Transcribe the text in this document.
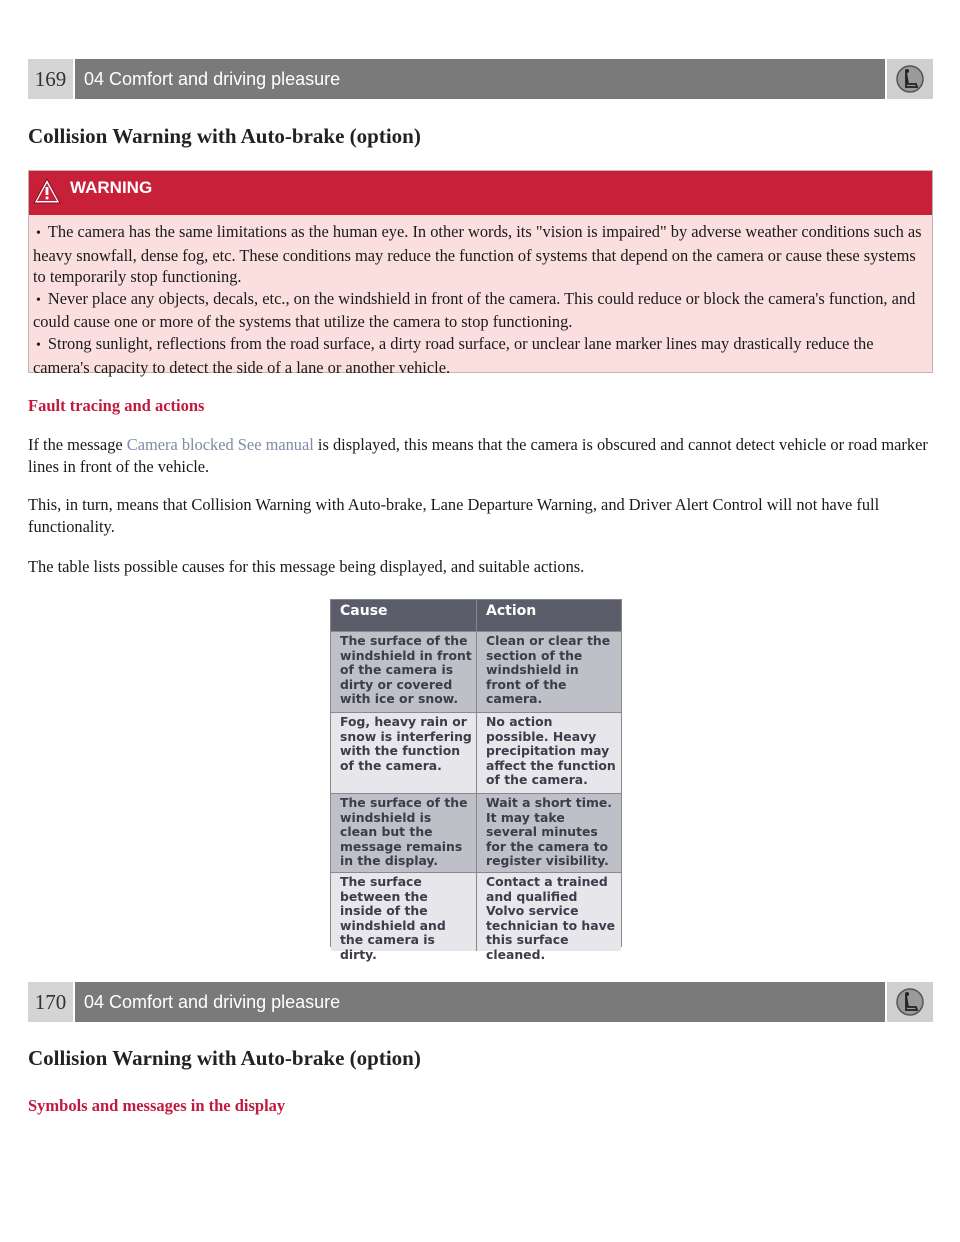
169 04 Comfort and driving pleasure
Collision Warning with Auto-brake (option)
WARNING
• The camera has the same limitations as the human eye. In other words, its "vision is impaired" by adverse weather conditions such as heavy snowfall, dense fog, etc. These conditions may reduce the function of systems that depend on the camera or cause these systems to temporarily stop functioning.
• Never place any objects, decals, etc., on the windshield in front of the camera. This could reduce or block the camera's function, and could cause one or more of the systems that utilize the camera to stop functioning.
• Strong sunlight, reflections from the road surface, a dirty road surface, or unclear lane marker lines may drastically reduce the camera's capacity to detect the side of a lane or another vehicle.
Fault tracing and actions
If the message Camera blocked See manual is displayed, this means that the camera is obscured and cannot detect vehicle or road marker lines in front of the vehicle.
This, in turn, means that Collision Warning with Auto-brake, Lane Departure Warning, and Driver Alert Control will not have full functionality.
The table lists possible causes for this message being displayed, and suitable actions.
Cause	Action
The surface of the windshield in front of the camera is dirty or covered with ice or snow.
Clean or clear the section of the windshield in front of the camera.
Fog, heavy rain or snow is interfering with the function of the camera.
No action possible. Heavy precipitation may affect the function of the camera.
The surface of the windshield is clean but the message remains in the display.
Wait a short time. It may take several minutes for the camera to register visibility.
The surface between the inside of the windshield and the camera is dirty.
Contact a trained and qualified Volvo service technician to have this surface cleaned.
170 04 Comfort and driving pleasure
Collision Warning with Auto-brake (option)
Symbols and messages in the display
